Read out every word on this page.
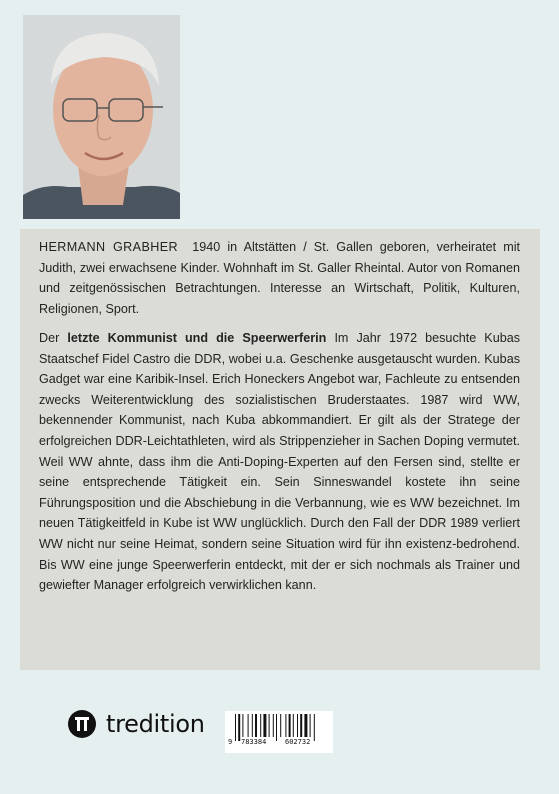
HERMANN GRABHER 1940 in Altstätten / St. Gallen geboren, verheiratet mit Judith, zwei erwachsene Kinder. Wohnhaft im St. Galler Rheintal. Autor von Romanen und zeitgenössischen Betrachtungen. Interesse an Wirtschaft, Politik, Kulturen, Religionen, Sport.

Der letzte Kommunist und die Speerwerferin Im Jahr 1972 besuchte Kubas Staatschef Fidel Castro die DDR, wobei u.a. Geschenke ausgetauscht wurden. Kubas Gadget war eine Karibik-Insel. Erich Honeckers Angebot war, Fachleute zu entsenden zwecks Weiterentwicklung des sozialistischen Bruderstaates. 1987 wird WW, bekennender Kommunist, nach Kuba abkommandiert. Er gilt als der Stratege der erfolgreichen DDR-Leichtathleten, wird als Strippenzieher in Sachen Doping vermutet. Weil WW ahnte, dass ihm die Anti-Doping-Experten auf den Fersen sind, stellte er seine entsprechende Tätigkeit ein. Sein Sinneswandel kostete ihn seine Führungsposition und die Abschiebung in die Verbannung, wie es WW bezeichnet. Im neuen Tätigkeitfeld in Kube ist WW unglücklich. Durch den Fall der DDR 1989 verliert WW nicht nur seine Heimat, sondern seine Situation wird für ihn existenz-bedrohend. Bis WW eine junge Speerwerferin entdeckt, mit der er sich nochmals als Trainer und gewiefter Manager erfolgreich verwirklichen kann.

tredition
9 783384	602732
